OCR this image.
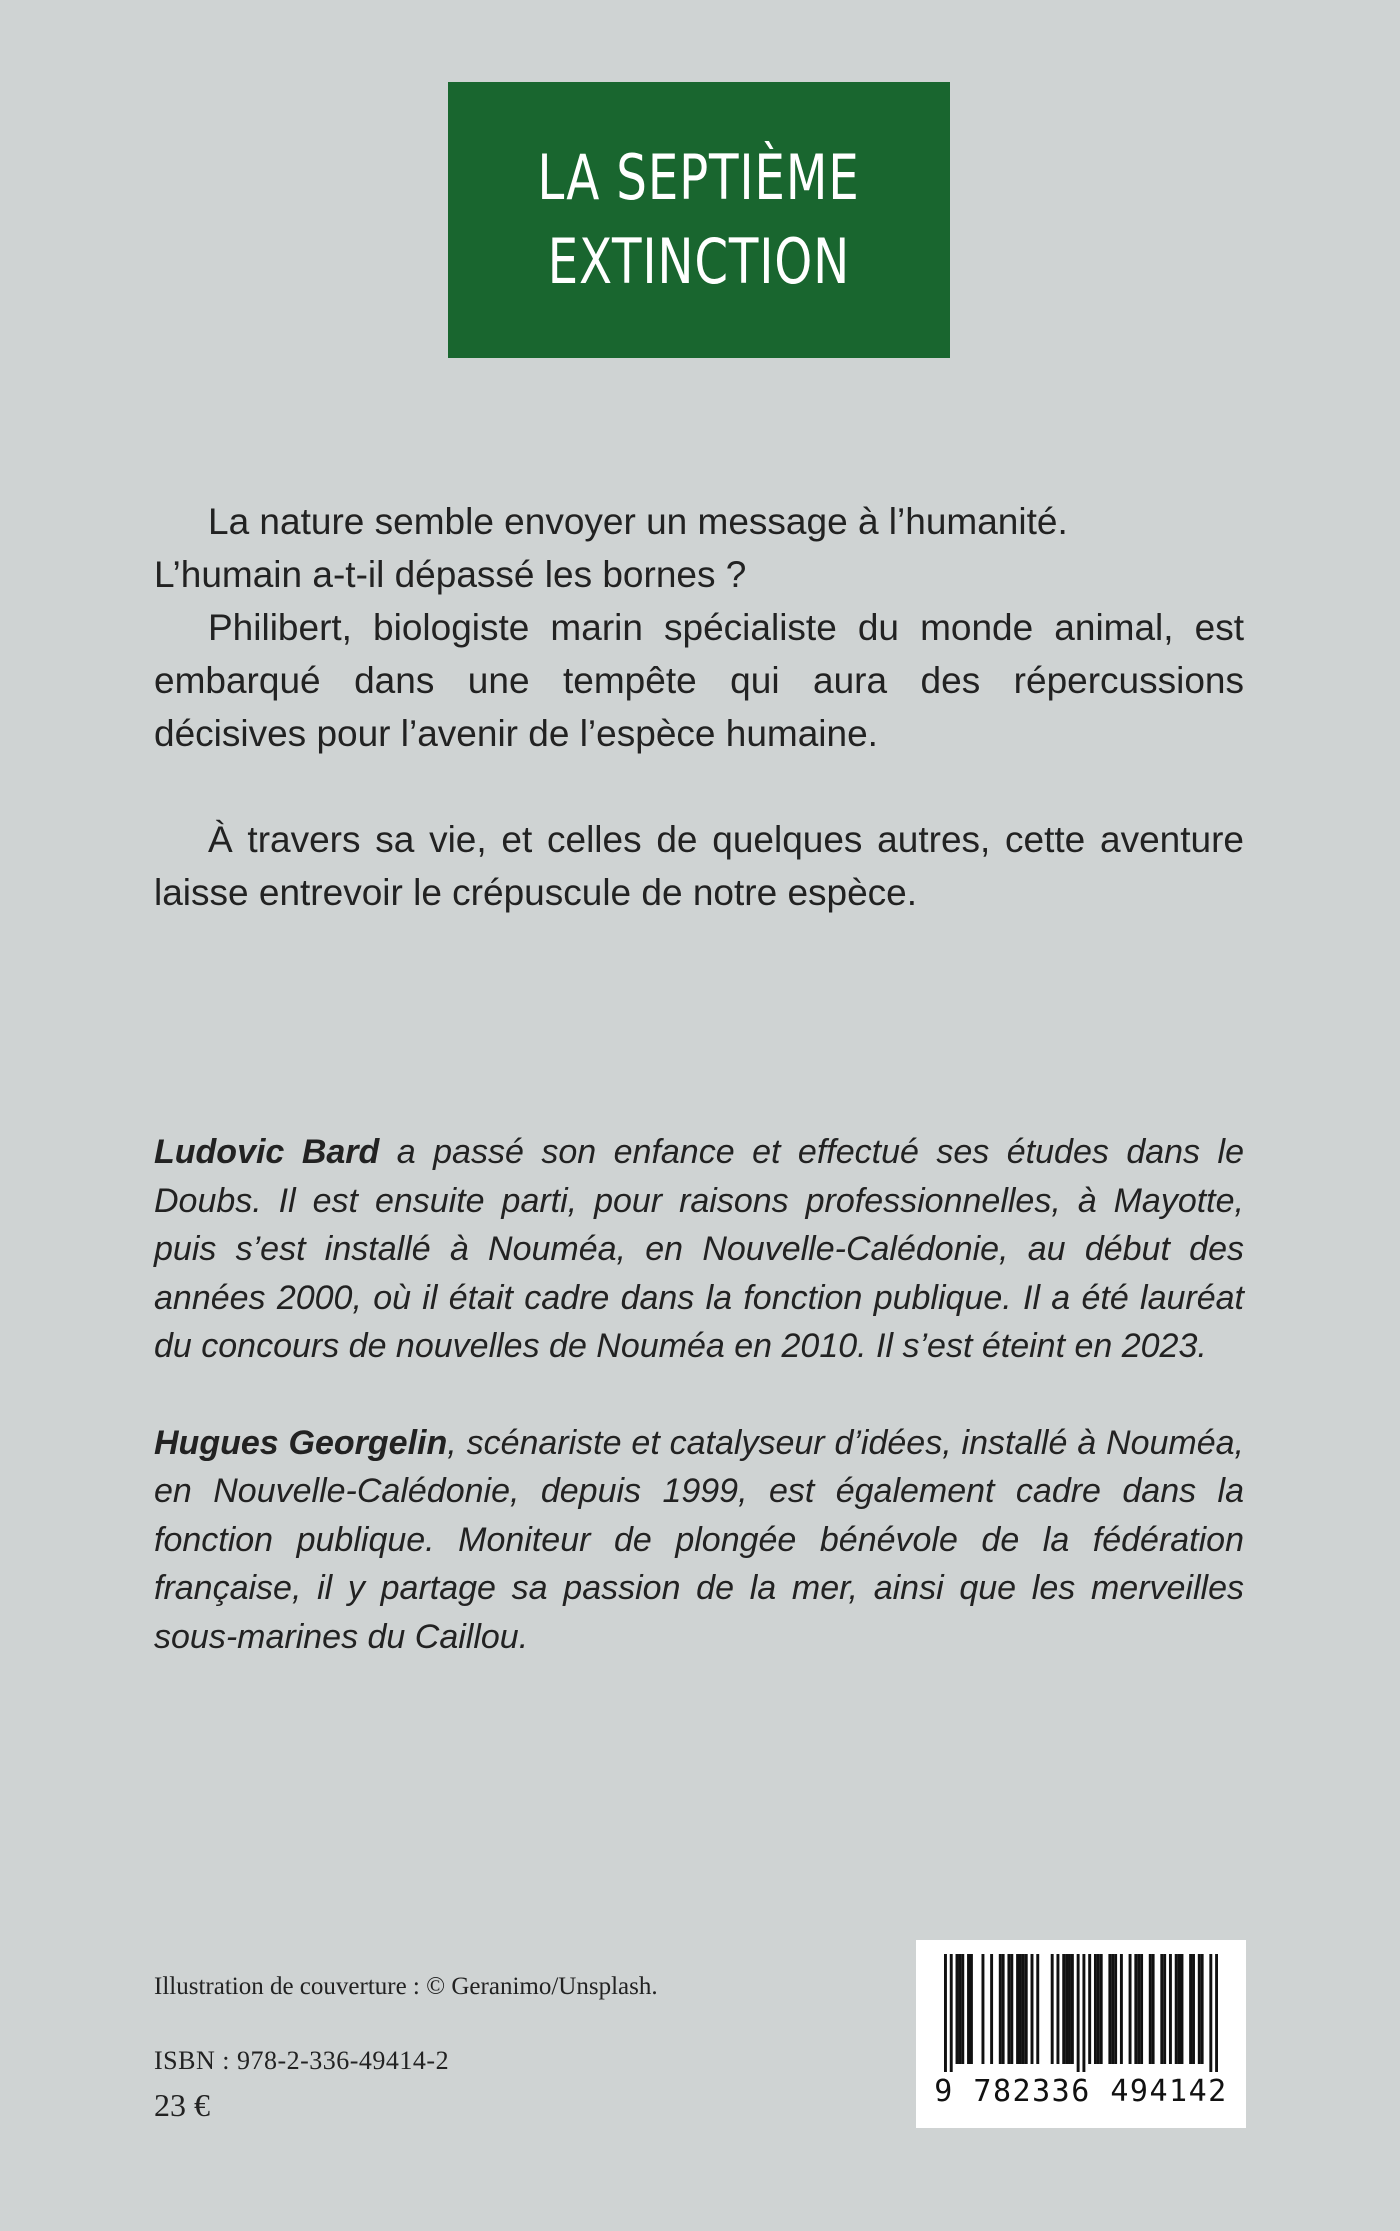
LA SEPTIÈME
EXTINCTION

La nature semble envoyer un message à l’humanité.

L’humain a-t-il dépassé les bornes ?

Philibert, biologiste marin spécialiste du monde animal, est embarqué dans une tempête qui aura des répercussions décisives pour l’avenir de l’espèce humaine.

À travers sa vie, et celles de quelques autres, cette aventure laisse entrevoir le crépuscule de notre espèce.

Ludovic Bard a passé son enfance et effectué ses études dans le Doubs. Il est ensuite parti, pour raisons professionnelles, à Mayotte, puis s’est installé à Nouméa, en Nouvelle-Calédonie, au début des années 2000, où il était cadre dans la fonction publique. Il a été lauréat du concours de nouvelles de Nouméa en 2010. Il s’est éteint en 2023.

Hugues Georgelin, scénariste et catalyseur d’idées, installé à Nouméa, en Nouvelle-Calédonie, depuis 1999, est également cadre dans la fonction publique. Moniteur de plongée bénévole de la fédération française, il y partage sa passion de la mer, ainsi que les merveilles sous-marines du Caillou.

Illustration de couverture : © Geranimo/Unsplash.
ISBN : 978-2-336-49414-2
23 €	9 782336 494142
